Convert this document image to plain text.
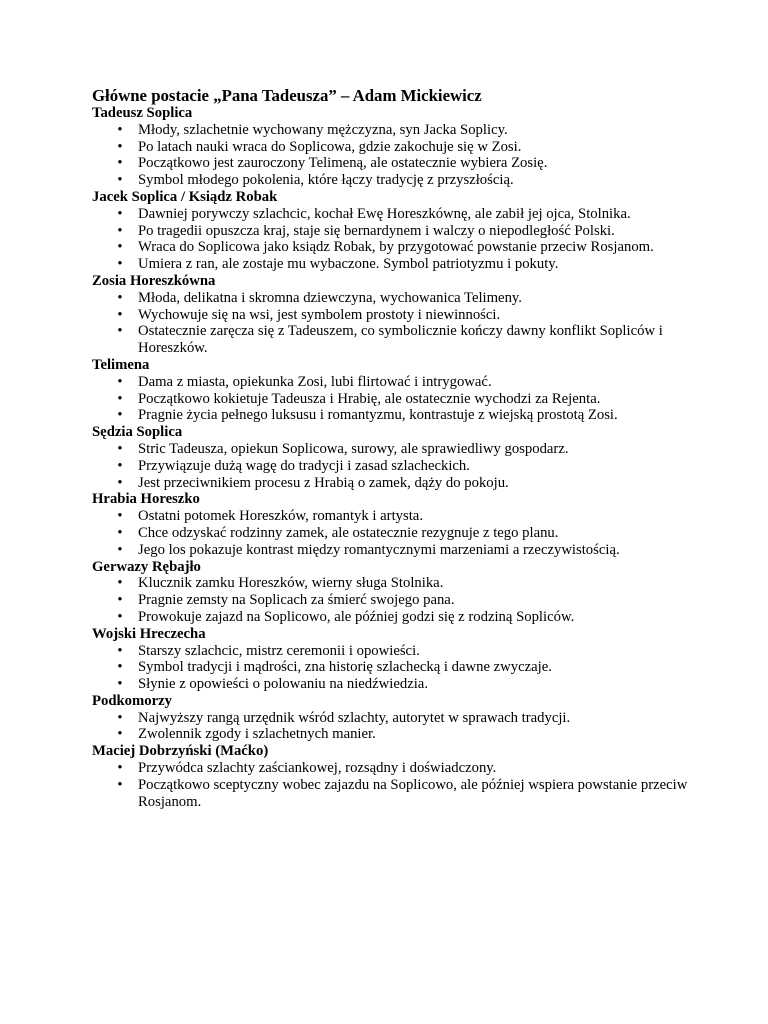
Główne postacie „Pana Tadeusza” – Adam Mickiewicz
Tadeusz Soplica
• Młody, szlachetnie wychowany mężczyzna, syn Jacka Soplicy.
• Po latach nauki wraca do Soplicowa, gdzie zakochuje się w Zosi.
• Początkowo jest zauroczony Telimeną, ale ostatecznie wybiera Zosię.
• Symbol młodego pokolenia, które łączy tradycję z przyszłością.
Jacek Soplica / Ksiądz Robak
• Dawniej porywczy szlachcic, kochał Ewę Horeszkównę, ale zabił jej ojca, Stolnika.
• Po tragedii opuszcza kraj, staje się bernardynem i walczy o niepodległość Polski.
• Wraca do Soplicowa jako ksiądz Robak, by przygotować powstanie przeciw Rosjanom.
• Umiera z ran, ale zostaje mu wybaczone. Symbol patriotyzmu i pokuty.
Zosia Horeszkówna
• Młoda, delikatna i skromna dziewczyna, wychowanica Telimeny.
• Wychowuje się na wsi, jest symbolem prostoty i niewinności.
• Ostatecznie zaręcza się z Tadeuszem, co symbolicznie kończy dawny konflikt Sopliców i Horeszków.
Telimena
• Dama z miasta, opiekunka Zosi, lubi flirtować i intrygować.
• Początkowo kokietuje Tadeusza i Hrabię, ale ostatecznie wychodzi za Rejenta.
• Pragnie życia pełnego luksusu i romantyzmu, kontrastuje z wiejską prostotą Zosi.
Sędzia Soplica
• Stric Tadeusza, opiekun Soplicowa, surowy, ale sprawiedliwy gospodarz.
• Przywiązuje dużą wagę do tradycji i zasad szlacheckich.
• Jest przeciwnikiem procesu z Hrabią o zamek, dąży do pokoju.
Hrabia Horeszko
• Ostatni potomek Horeszków, romantyk i artysta.
• Chce odzyskać rodzinny zamek, ale ostatecznie rezygnuje z tego planu.
• Jego los pokazuje kontrast między romantycznymi marzeniami a rzeczywistością.
Gerwazy Rębajło
• Klucznik zamku Horeszków, wierny sługa Stolnika.
• Pragnie zemsty na Soplicach za śmierć swojego pana.
• Prowokuje zajazd na Soplicowo, ale później godzi się z rodziną Sopliców.
Wojski Hreczecha
• Starszy szlachcic, mistrz ceremonii i opowieści.
• Symbol tradycji i mądrości, zna historię szlachecką i dawne zwyczaje.
• Słynie z opowieści o polowaniu na niedźwiedzia.
Podkomorzy
• Najwyższy rangą urzędnik wśród szlachty, autorytet w sprawach tradycji.
• Zwolennik zgody i szlachetnych manier.
Maciej Dobrzyński (Maćko)
• Przywódca szlachty zaściankowej, rozsądny i doświadczony.
• Początkowo sceptyczny wobec zajazdu na Soplicowo, ale później wspiera powstanie przeciw Rosjanom.
